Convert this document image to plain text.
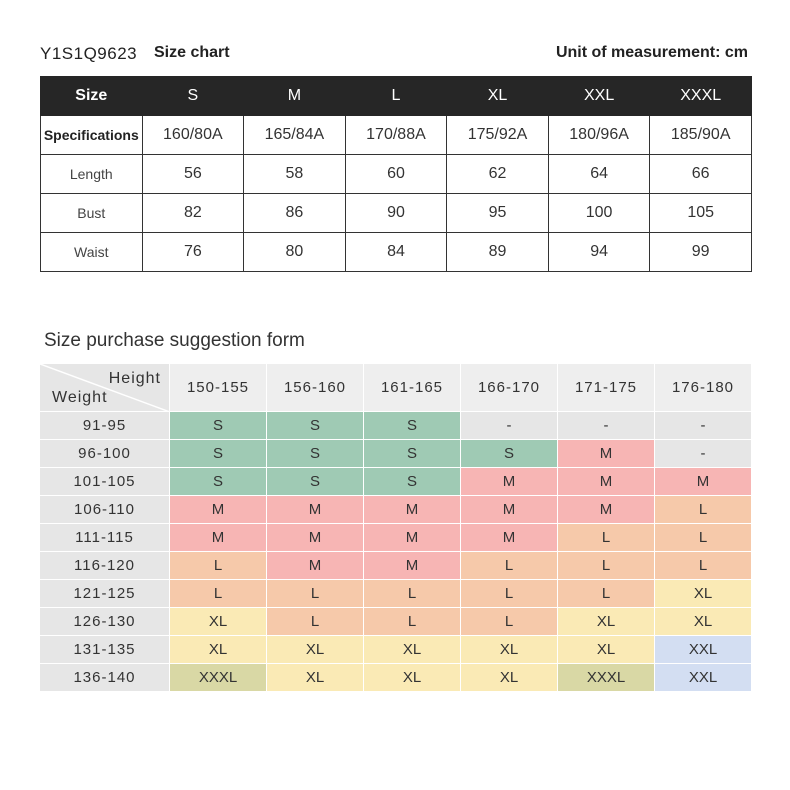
Y1S1Q9623 Size chart	Unit of measurement: cm
Size	S	M	L	XL	XXL	XXXL
Specifications	160/80A	165/84A	170/88A	175/92A	180/96A	185/90A
Length	56	58	60	62	64	66
Bust	82	86	90	95	100	105
Waist	76	80	84	89	94	99
Size purchase suggestion form
Height
Weight
150-155	156-160	161-165	166-170	171-175	176-180
91-95	S	S	S	-	-	-
96-100	S	S	S	S	M	-
101-105	S	S	S	M	M	M
106-110	M	M	M	M	M	L
111-115	M	M	M	M	L	L
116-120	L	M	M	L	L	L
121-125	L	L	L	L	L	XL
126-130	XL	L	L	L	XL	XL
131-135	XL	XL	XL	XL	XL	XXL
136-140	XXXL	XL	XL	XL	XXXL	XXL
